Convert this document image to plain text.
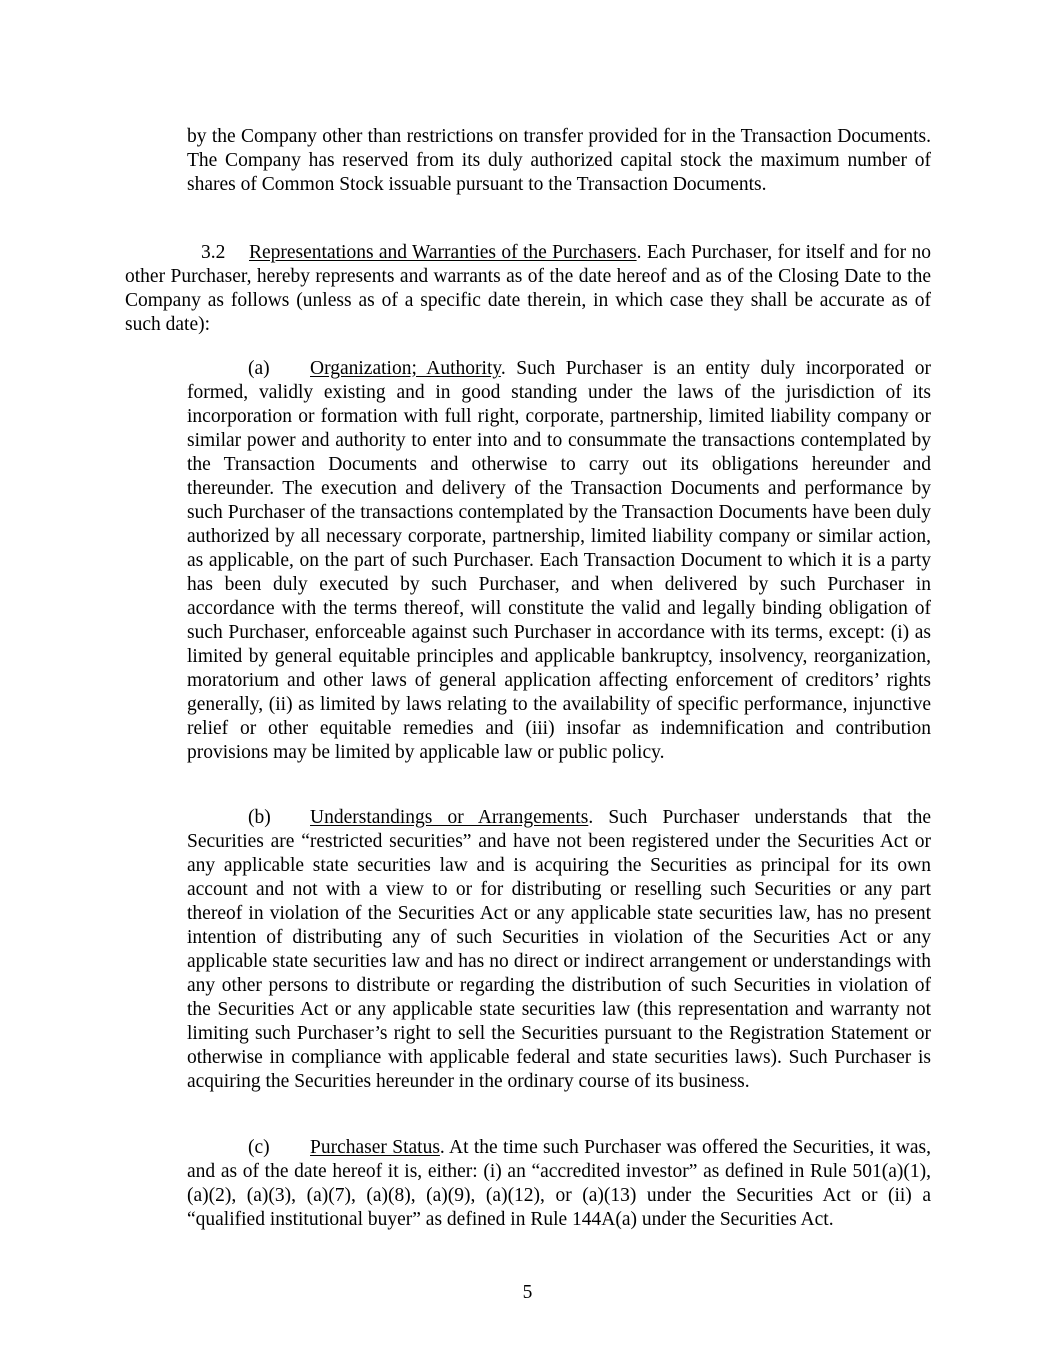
by the Company other than restrictions on transfer provided for in the Transaction Documents. The Company has reserved from its duly authorized capital stock the maximum number of shares of Common Stock issuable pursuant to the Transaction Documents.

3.2 Representations and Warranties of the Purchasers. Each Purchaser, for itself and for no other Purchaser, hereby represents and warrants as of the date hereof and as of the Closing Date to the Company as follows (unless as of a specific date therein, in which case they shall be accurate as of such date):

(a) Organization; Authority. Such Purchaser is an entity duly incorporated or formed, validly existing and in good standing under the laws of the jurisdiction of its incorporation or formation with full right, corporate, partnership, limited liability company or similar power and authority to enter into and to consummate the transactions contemplated by the Transaction Documents and otherwise to carry out its obligations hereunder and thereunder. The execution and delivery of the Transaction Documents and performance by such Purchaser of the transactions contemplated by the Transaction Documents have been duly authorized by all necessary corporate, partnership, limited liability company or similar action, as applicable, on the part of such Purchaser. Each Transaction Document to which it is a party has been duly executed by such Purchaser, and when delivered by such Purchaser in accordance with the terms thereof, will constitute the valid and legally binding obligation of such Purchaser, enforceable against such Purchaser in accordance with its terms, except: (i) as limited by general equitable principles and applicable bankruptcy, insolvency, reorganization, moratorium and other laws of general application affecting enforcement of creditors’ rights generally, (ii) as limited by laws relating to the availability of specific performance, injunctive relief or other equitable remedies and (iii) insofar as indemnification and contribution provisions may be limited by applicable law or public policy.

(b) Understandings or Arrangements. Such Purchaser understands that the Securities are “restricted securities” and have not been registered under the Securities Act or any applicable state securities law and is acquiring the Securities as principal for its own account and not with a view to or for distributing or reselling such Securities or any part thereof in violation of the Securities Act or any applicable state securities law, has no present intention of distributing any of such Securities in violation of the Securities Act or any applicable state securities law and has no direct or indirect arrangement or understandings with any other persons to distribute or regarding the distribution of such Securities in violation of the Securities Act or any applicable state securities law (this representation and warranty not limiting such Purchaser’s right to sell the Securities pursuant to the Registration Statement or otherwise in compliance with applicable federal and state securities laws). Such Purchaser is acquiring the Securities hereunder in the ordinary course of its business.

(c) Purchaser Status. At the time such Purchaser was offered the Securities, it was, and as of the date hereof it is, either: (i) an “accredited investor” as defined in Rule 501(a)(1), (a)(2), (a)(3), (a)(7), (a)(8), (a)(9), (a)(12), or (a)(13) under the Securities Act or (ii) a “qualified institutional buyer” as defined in Rule 144A(a) under the Securities Act.

5
